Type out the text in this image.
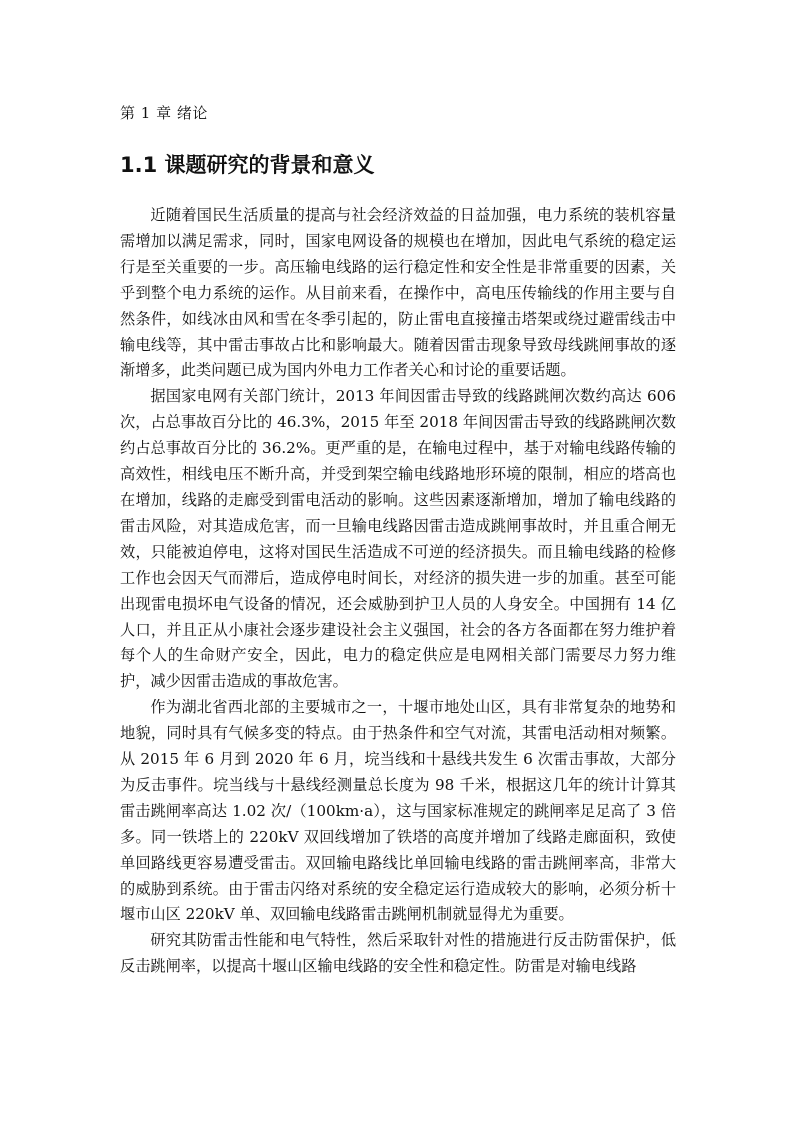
第 1 章 绪论
1.1 课题研究的背景和意义

近随着国民生活质量的提高与社会经济效益的日益加强，电力系统的装机容量需增加以满足需求，同时，国家电网设备的规模也在增加，因此电气系统的稳定运行是至关重要的一步。高压输电线路的运行稳定性和安全性是非常重要的因素，关乎到整个电力系统的运作。从目前来看，在操作中，高电压传输线的作用主要与自然条件，如线冰由风和雪在冬季引起的，防止雷电直接撞击塔架或绕过避雷线击中输电线等，其中雷击事故占比和影响最大。随着因雷击现象导致母线跳闸事故的逐渐增多，此类问题已成为国内外电力工作者关心和讨论的重要话题。

据国家电网有关部门统计，2013 年间因雷击导致的线路跳闸次数约高达 606 次，占总事故百分比的 46.3%，2015 年至 2018 年间因雷击导致的线路跳闸次数约占总事故百分比的 36.2%。更严重的是，在输电过程中，基于对输电线路传输的高效性，相线电压不断升高，并受到架空输电线路地形环境的限制，相应的塔高也在增加，线路的走廊受到雷电活动的影响。这些因素逐渐增加，增加了输电线路的雷击风险，对其造成危害，而一旦输电线路因雷击造成跳闸事故时，并且重合闸无效，只能被迫停电，这将对国民生活造成不可逆的经济损失。而且输电线路的检修工作也会因天气而滞后，造成停电时间长，对经济的损失进一步的加重。甚至可能出现雷电损坏电气设备的情况，还会威胁到护卫人员的人身安全。中国拥有 14 亿人口，并且正从小康社会逐步建设社会主义强国，社会的各方各面都在努力维护着每个人的生命财产安全，因此，电力的稳定供应是电网相关部门需要尽力努力维护，减少因雷击造成的事故危害。

作为湖北省西北部的主要城市之一，十堰市地处山区，具有非常复杂的地势和地貌，同时具有气候多变的特点。由于热条件和空气对流，其雷电活动相对频繁。从 2015 年 6 月到 2020 年 6 月，垸当线和十悬线共发生 6 次雷击事故，大部分为反击事件。垸当线与十悬线经测量总长度为 98 千米，根据这几年的统计计算其雷击跳闸率高达 1.02 次/（100km·a），这与国家标准规定的跳闸率足足高了 3 倍多。同一铁塔上的 220kV 双回线增加了铁塔的高度并增加了线路走廊面积，致使单回路线更容易遭受雷击。双回输电路线比单回输电线路的雷击跳闸率高，非常大的威胁到系统。由于雷击闪络对系统的安全稳定运行造成较大的影响，必须分析十堰市山区 220kV 单、双回输电线路雷击跳闸机制就显得尤为重要。

研究其防雷击性能和电气特性，然后采取针对性的措施进行反击防雷保护，低反击跳闸率，以提高十堰山区输电线路的安全性和稳定性。防雷是对输电线路
